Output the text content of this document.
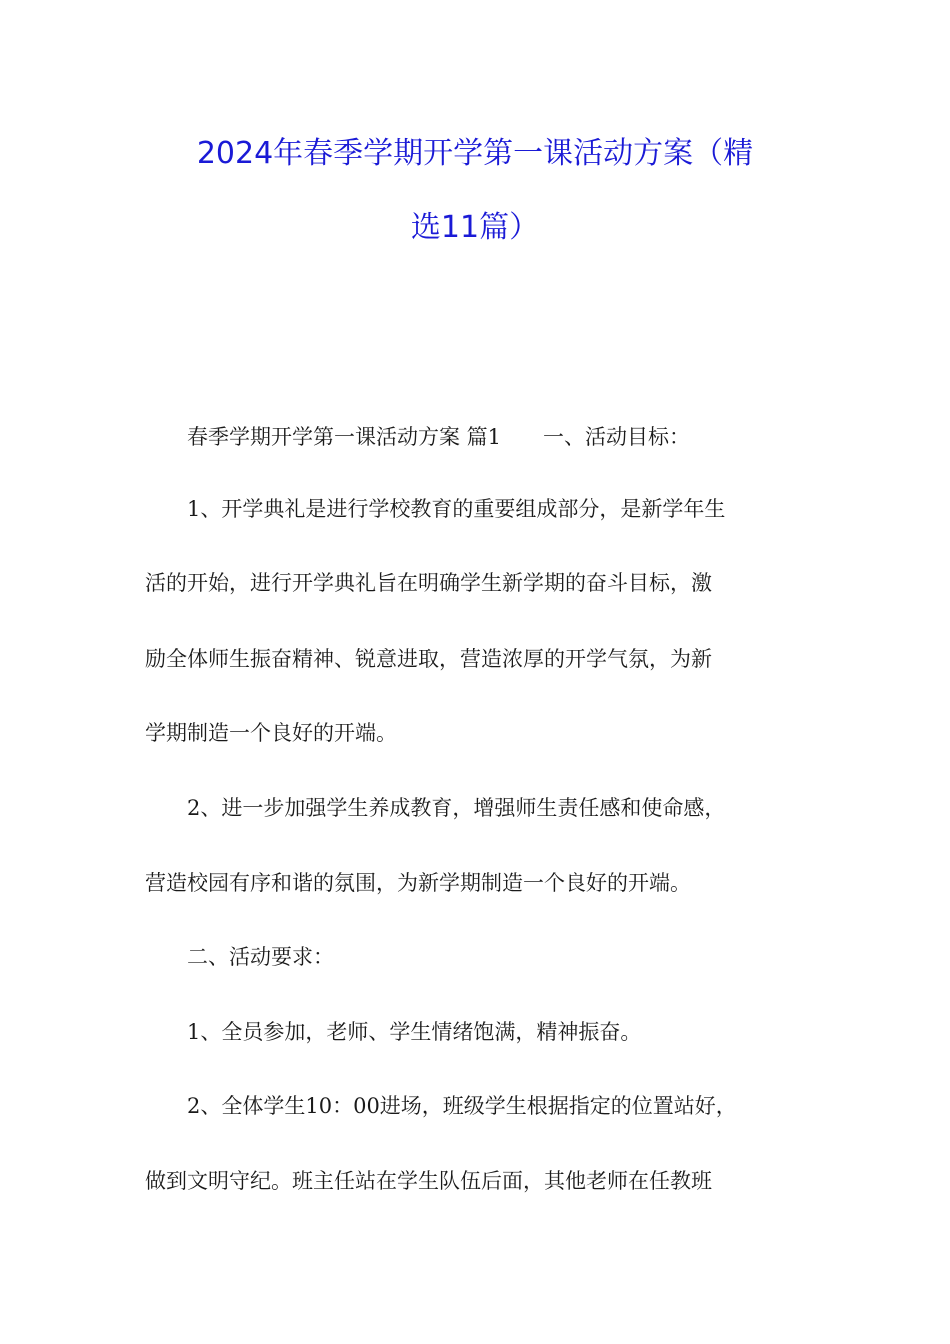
2024年春季学期开学第一课活动方案（精
选11篇）
　　春季学期开学第一课活动方案 篇1　　一、活动目标：
　　1、开学典礼是进行学校教育的重要组成部分，是新学年生
活的开始，进行开学典礼旨在明确学生新学期的奋斗目标，激
励全体师生振奋精神、锐意进取，营造浓厚的开学气氛，为新
学期制造一个良好的开端。
　　2、进一步加强学生养成教育，增强师生责任感和使命感，
营造校园有序和谐的氛围，为新学期制造一个良好的开端。
　　二、活动要求：
　　1、全员参加，老师、学生情绪饱满，精神振奋。
　　2、全体学生10：00进场，班级学生根据指定的位置站好，
做到文明守纪。班主任站在学生队伍后面，其他老师在任教班
